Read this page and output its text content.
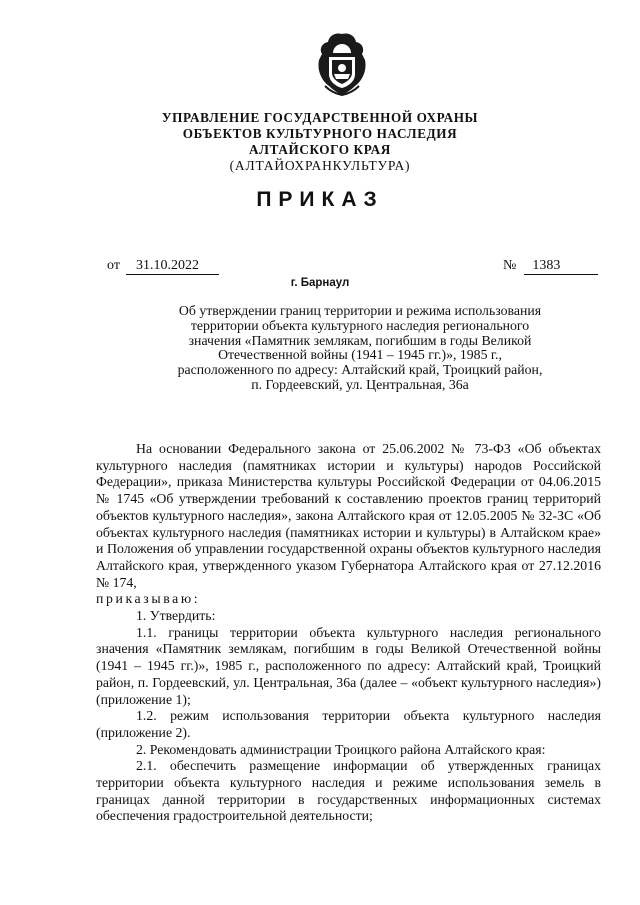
УПРАВЛЕНИЕ ГОСУДАРСТВЕННОЙ ОХРАНЫ
ОБЪЕКТОВ КУЛЬТУРНОГО НАСЛЕДИЯ
АЛТАЙСКОГО КРАЯ
(АЛТАЙОХРАНКУЛЬТУРА)
ПРИКАЗ
от 31.10.2022	№ 1383
г. Барнаул
Об утверждении границ территории и режима использования
территории объекта культурного наследия регионального
значения «Памятник землякам, погибшим в годы Великой
Отечественной войны (1941 – 1945 гг.)», 1985 г.,
расположенного по адресу: Алтайский край, Троицкий район,
п. Гордеевский, ул. Центральная, 36а

На основании Федерального закона от 25.06.2002 № 73-ФЗ «Об объектах культурного наследия (памятниках истории и культуры) народов Российской Федерации», приказа Министерства культуры Российской Федерации от 04.06.2015 № 1745 «Об утверждении требований к составлению проектов границ территорий объектов культурного наследия», закона Алтайского края от 12.05.2005 № 32-ЗС «Об объектах культурного наследия (памятниках истории и культуры) в Алтайском крае» и Положения об управлении государственной охраны объектов культурного наследия Алтайского края, утвержденного указом Губернатора Алтайского края от 27.12.2016 № 174,

приказываю:

1. Утвердить:

1.1. границы территории объекта культурного наследия регионального значения «Памятник землякам, погибшим в годы Великой Отечественной войны (1941 – 1945 гг.)», 1985 г., расположенного по адресу: Алтайский край, Троицкий район, п. Гордеевский, ул. Центральная, 36а (далее – «объект культурного наследия») (приложение 1);

1.2. режим использования территории объекта культурного наследия (приложение 2).

2. Рекомендовать администрации Троицкого района Алтайского края:

2.1. обеспечить размещение информации об утвержденных границах территории объекта культурного наследия и режиме использования земель в границах данной территории в государственных информационных системах обеспечения градостроительной деятельности;
